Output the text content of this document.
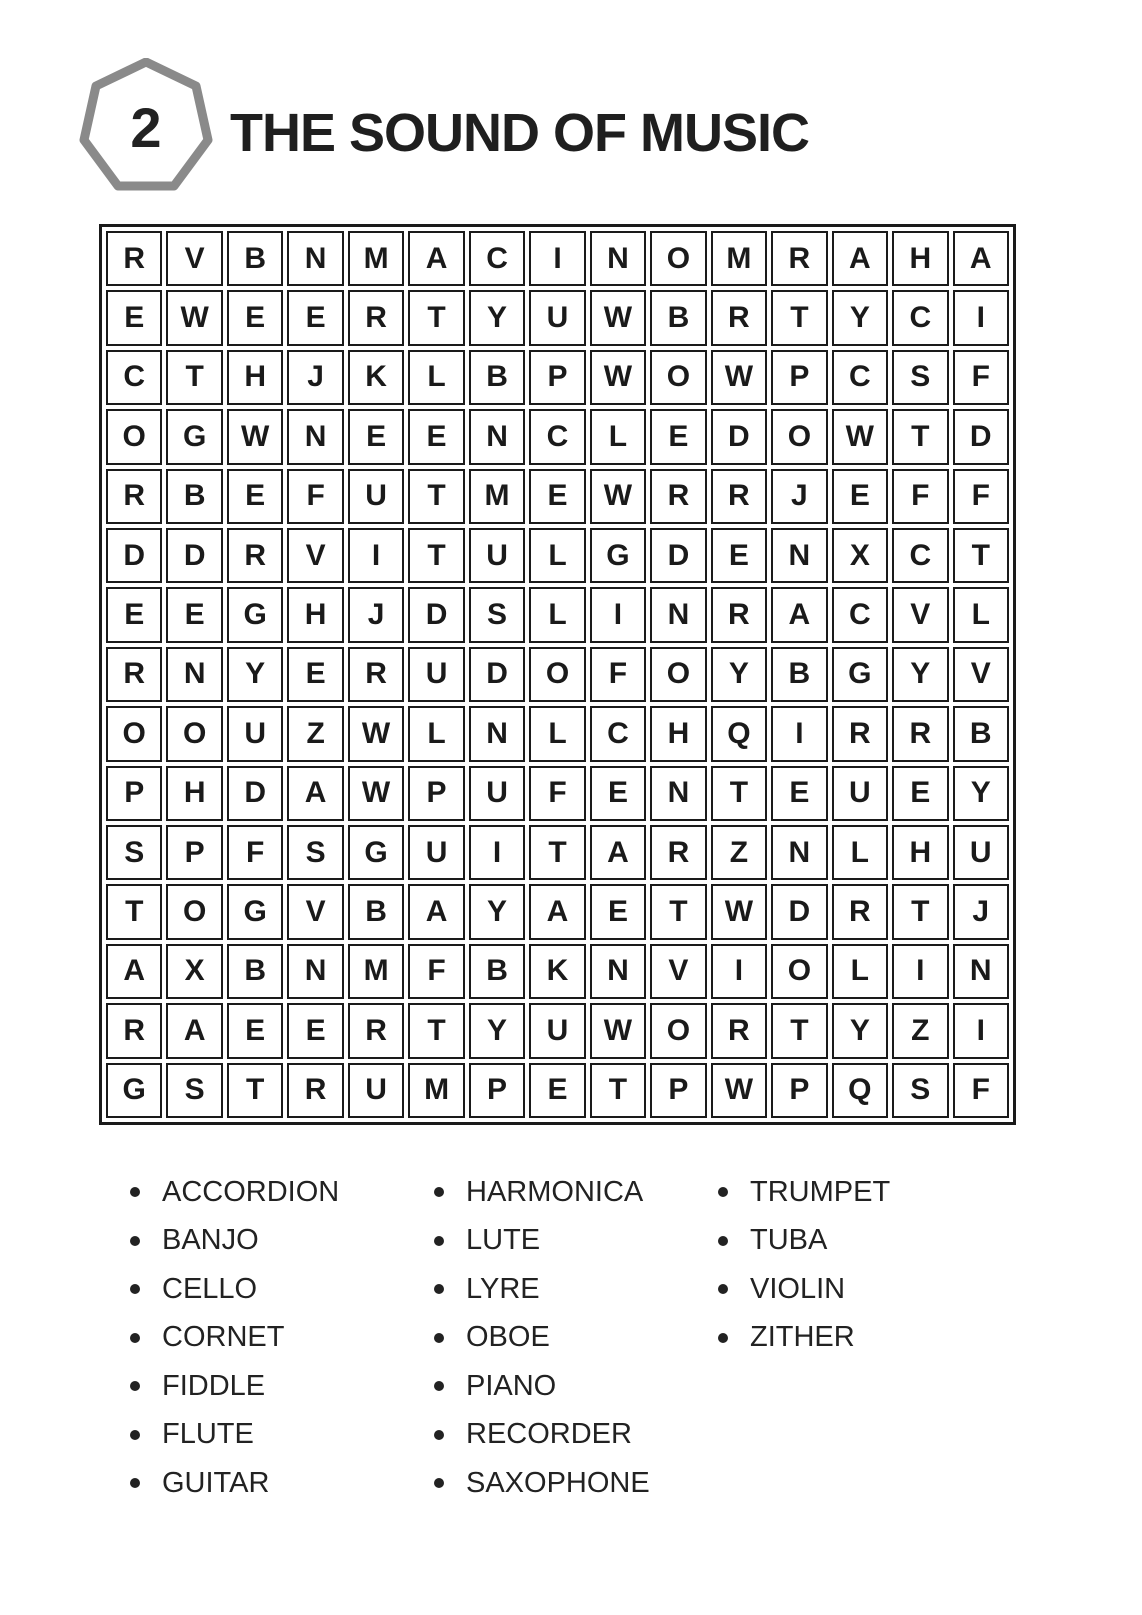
2	THE SOUND OF MUSIC
R	V	B	N	M	A	C	I	N	O	M	R	A	H	A
E	W	E	E	R	T	Y	U	W	B	R	T	Y	C	I
C	T	H	J	K	L	B	P	W	O	W	P	C	S	F
O	G	W	N	E	E	N	C	L	E	D	O	W	T	D
R	B	E	F	U	T	M	E	W	R	R	J	E	F	F
D	D	R	V	I	T	U	L	G	D	E	N	X	C	T
E	E	G	H	J	D	S	L	I	N	R	A	C	V	L
R	N	Y	E	R	U	D	O	F	O	Y	B	G	Y	V
O	O	U	Z	W	L	N	L	C	H	Q	I	R	R	B
P	H	D	A	W	P	U	F	E	N	T	E	U	E	Y
S	P	F	S	G	U	I	T	A	R	Z	N	L	H	U
T	O	G	V	B	A	Y	A	E	T	W	D	R	T	J
A	X	B	N	M	F	B	K	N	V	I	O	L	I	N
R	A	E	E	R	T	Y	U	W	O	R	T	Y	Z	I
G	S	T	R	U	M	P	E	T	P	W	P	Q	S	F
ACCORDION
BANJO
CELLO
CORNET
FIDDLE
FLUTE
GUITAR
HARMONICA
LUTE
LYRE
OBOE
PIANO
RECORDER
SAXOPHONE
TRUMPET
TUBA
VIOLIN
ZITHER
